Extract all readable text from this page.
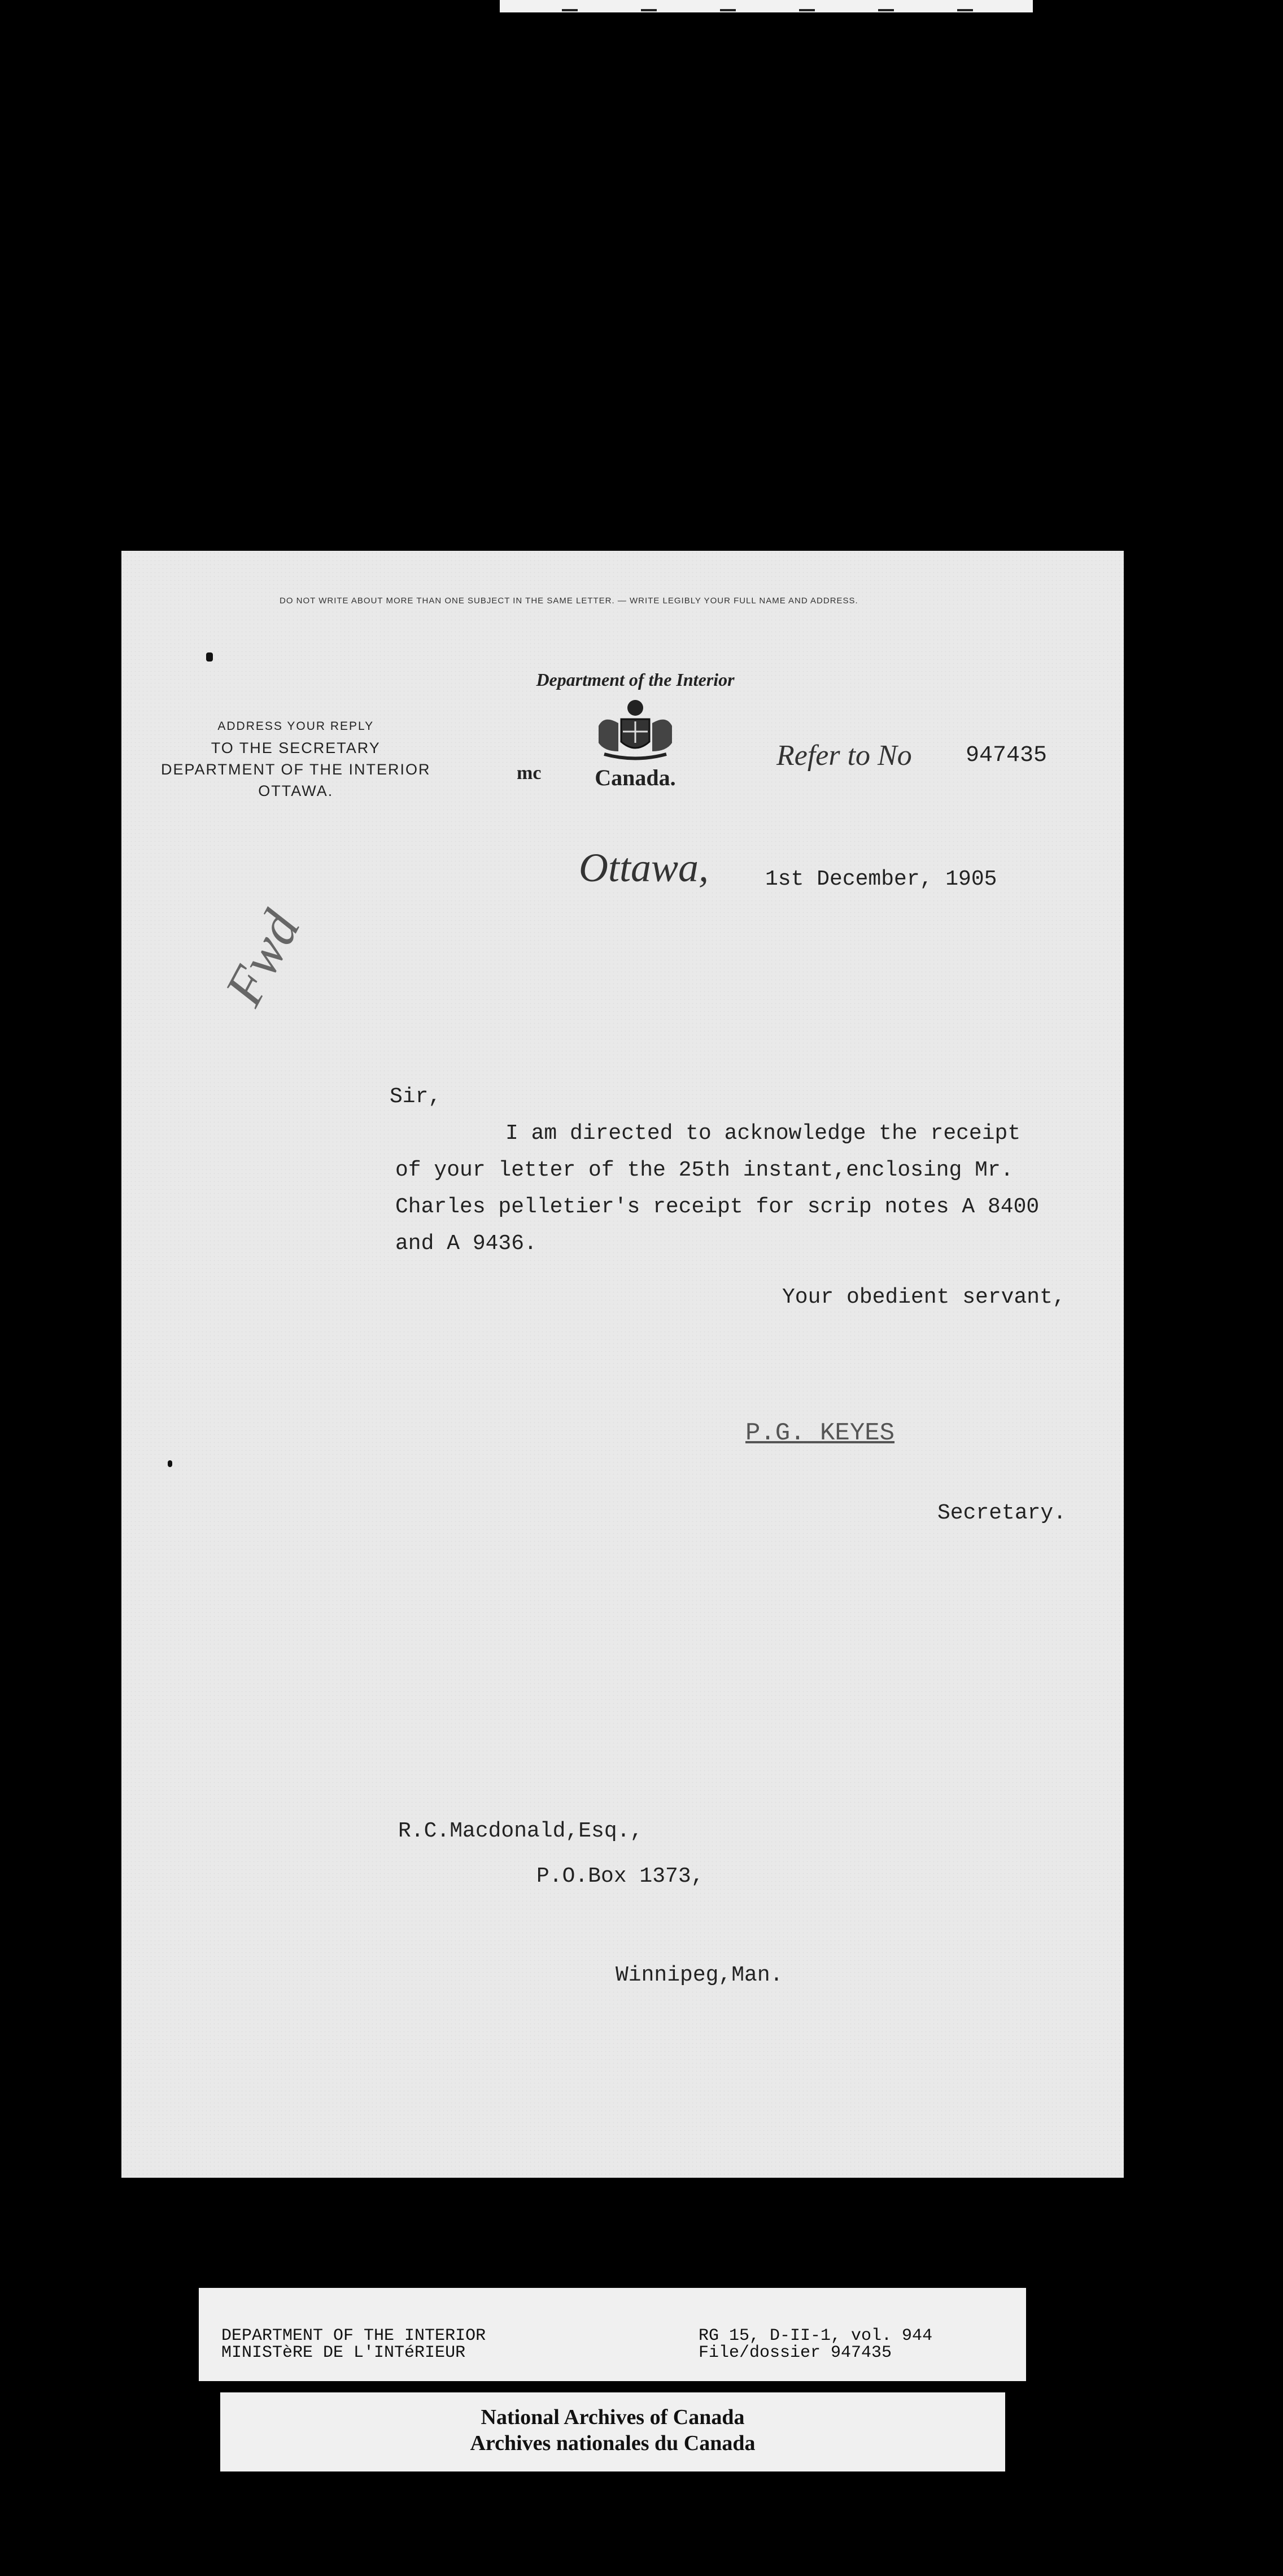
DO NOT WRITE ABOUT MORE THAN ONE SUBJECT IN THE SAME LETTER. — WRITE LEGIBLY YOUR FULL NAME AND ADDRESS.
ADDRESS YOUR REPLY
TO THE SECRETARY
DEPARTMENT OF THE INTERIOR
OTTAWA.
Department of the Interior
Canada.
mc
Refer to No 947435
Ottawa,	1st December, 1905
Fwd
Sir,
I am directed to acknowledge the receipt
of your letter of the 25th instant,enclosing Mr.
Charles pelletier's receipt for scrip notes A 8400
and A 9436.
Your obedient servant,
P.G. KEYES
Secretary.
R.C.Macdonald,Esq.,
P.O.Box 1373,
Winnipeg,Man.
DEPARTMENT OF THE INTERIOR
MINISTèRE DE L'INTéRIEUR
RG 15, D-II-1, vol. 944
File/dossier 947435
National Archives of Canada
Archives nationales du Canada
